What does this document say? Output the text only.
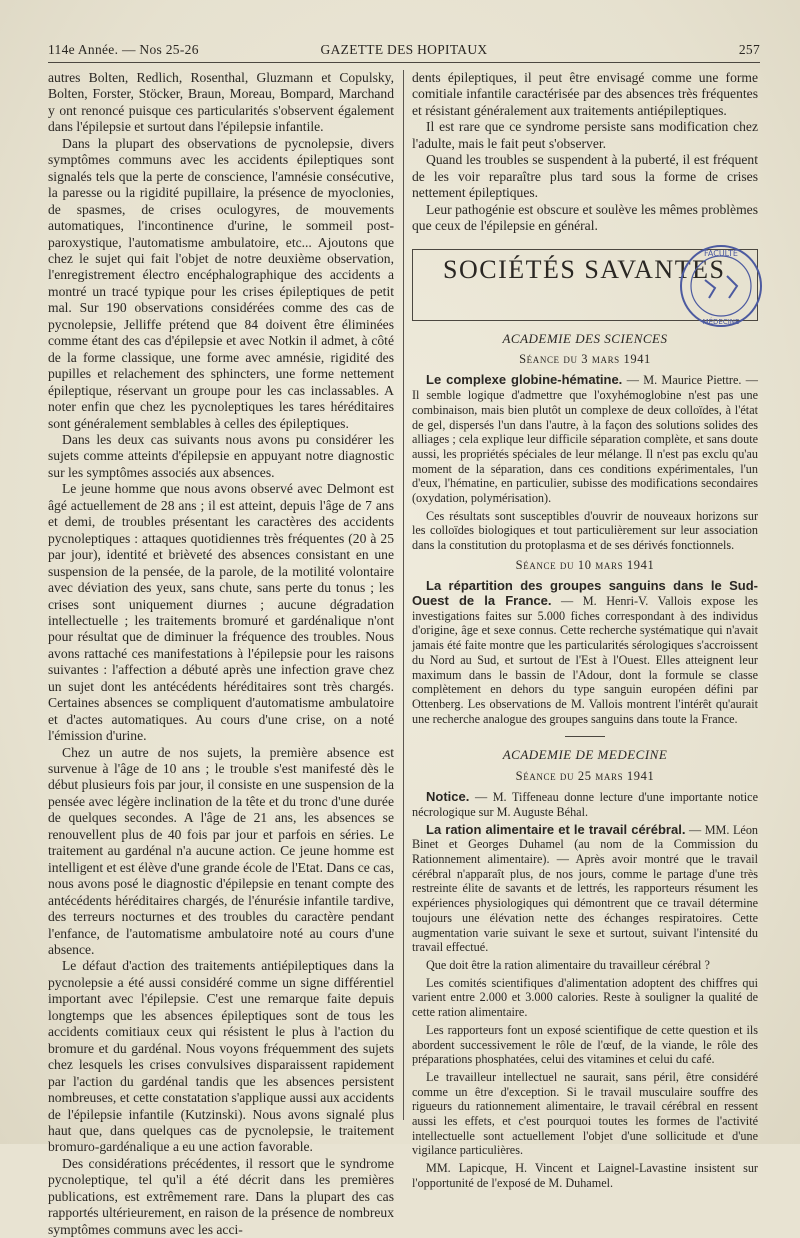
114e Année. — Nos 25-26	GAZETTE DES HOPITAUX	257

autres Bolten, Redlich, Rosenthal, Gluzmann et Copulsky, Bolten, Forster, Stöcker, Braun, Moreau, Bompard, Marchand y ont renoncé puisque ces particularités s'observent également dans l'épilepsie et surtout dans l'épilepsie infantile.

Dans la plupart des observations de pycnolepsie, divers symptômes communs avec les accidents épileptiques sont signalés tels que la perte de conscience, l'amnésie consécutive, la paresse ou la rigidité pupillaire, la présence de myoclonies, de spasmes, de crises oculogyres, de mouvements automatiques, l'incontinence d'urine, le sommeil post-paroxystique, l'automatisme ambulatoire, etc... Ajoutons que chez le sujet qui fait l'objet de notre deuxième observation, l'enregistrement électro encéphalographique des accidents a montré un tracé typique pour les crises épileptiques de petit mal. Sur 190 observations considérées comme des cas de pycnolepsie, Jelliffe prétend que 84 doivent être éliminées comme étant des cas d'épilepsie et avec Notkin il admet, à côté de la forme classique, une forme avec amnésie, rigidité des pupilles et relachement des sphincters, une forme nettement épileptique, réservant un groupe pour les cas inclassables. A noter enfin que chez les pycnoleptiques les tares héréditaires sont généralement semblables à celles des épileptiques.

Dans les deux cas suivants nous avons pu considérer les sujets comme atteints d'épilepsie en appuyant notre diagnostic sur les symptômes associés aux absences.

Le jeune homme que nous avons observé avec Delmont est âgé actuellement de 28 ans ; il est atteint, depuis l'âge de 7 ans et demi, de troubles présentant les caractères des accidents pycnoleptiques : attaques quotidiennes très fréquentes (20 à 25 par jour), identité et brièveté des absences consistant en une suspension de la pensée, de la parole, de la motilité volontaire avec déviation des yeux, sans chute, sans perte du tonus ; les crises sont uniquement diurnes ; aucune dégradation intellectuelle ; les traitements bromuré et gardénalique n'ont pour résultat que de diminuer la fréquence des troubles. Nous avons rattaché ces manifestations à l'épilepsie pour les raisons suivantes : l'affection a débuté après une infection grave chez un sujet dont les antécédents héréditaires sont très chargés. Certaines absences se compliquent d'automatisme ambulatoire et d'actes automatiques. Au cours d'une crise, on a noté l'émission d'urine.

Chez un autre de nos sujets, la première absence est survenue à l'âge de 10 ans ; le trouble s'est manifesté dès le début plusieurs fois par jour, il consiste en une suspension de la pensée avec légère inclination de la tête et du tronc d'une durée de quelques secondes. A l'âge de 21 ans, les absences se renouvellent plus de 40 fois par jour et parfois en séries. Le traitement au gardénal n'a aucune action. Ce jeune homme est intelligent et est élève d'une grande école de l'Etat. Dans ce cas, nous avons posé le diagnostic d'épilepsie en tenant compte des antécédents héréditaires chargés, de l'énurésie infantile tardive, des terreurs nocturnes et des troubles du caractère pendant l'enfance, de l'automatisme ambulatoire noté au cours d'une absence.

Le défaut d'action des traitements antiépileptiques dans la pycnolepsie a été aussi considéré comme un signe différentiel important avec l'épilepsie. C'est une remarque faite depuis longtemps que les absences épileptiques sont de tous les accidents comitiaux ceux qui résistent le plus à l'action du bromure et du gardénal. Nous voyons fréquemment des sujets chez lesquels les crises convulsives disparaissent rapidement par l'action du gardénal tandis que les absences persistent nombreuses, et cette constatation s'applique aussi aux accidents de l'épilepsie infantile (Kutzinski). Nous avons signalé plus haut que, dans quelques cas de pycnolepsie, le traitement bromuro-gardénalique a eu une action favorable.

Des considérations précédentes, il ressort que le syndrome pycnoleptique, tel qu'il a été décrit dans les premières publications, est extrêmement rare. Dans la plupart des cas rapportés ultérieurement, en raison de la présence de nombreux symptômes communs avec les acci-

dents épileptiques, il peut être envisagé comme une forme comitiale infantile caractérisée par des absences très fréquentes et résistant généralement aux traitements antiépileptiques.

Il est rare que ce syndrome persiste sans modification chez l'adulte, mais le fait peut s'observer.

Quand les troubles se suspendent à la puberté, il est fréquent de les voir reparaître plus tard sous la forme de crises nettement épileptiques.

Leur pathogénie est obscure et soulève les mêmes problèmes que ceux de l'épilepsie en général.

SOCIÉTÉS SAVANTES
FACULTÉ
MÉDECINE
ACADEMIE DES SCIENCES
Séance du 3 mars 1941

Le complexe globine-hématine. — M. Maurice Piettre. — Il semble logique d'admettre que l'oxyhémoglobine n'est pas une combinaison, mais bien plutôt un complexe de deux colloïdes, à l'état de gel, dispersés l'un dans l'autre, à la façon des solutions solides des alliages ; cela explique leur difficile séparation complète, et sans doute aussi, les propriétés spéciales de leur mélange. Il n'est pas exclu qu'au moment de la séparation, dans ces conditions expérimentales, l'un d'eux, l'hématine, en particulier, subisse des modifications secondaires (oxydation, polymérisation).

Ces résultats sont susceptibles d'ouvrir de nouveaux horizons sur les colloïdes biologiques et tout particulièrement sur leur association dans la constitution du protoplasma et de ses dérivés fonctionnels.

Séance du 10 mars 1941

La répartition des groupes sanguins dans le Sud-Ouest de la France. — M. Henri-V. Vallois expose les investigations faites sur 5.000 fiches correspondant à des individus d'origine, âge et sexe connus. Cette recherche systématique qui n'avait jamais été faite montre que les particularités sérologiques s'accroissent du Nord au Sud, et surtout de l'Est à l'Ouest. Elles atteignent leur maximum dans le bassin de l'Adour, dont la formule se classe complètement en dehors du type sanguin européen défini par Ottenberg. Les observations de M. Vallois montrent l'intérêt qu'aurait une recherche analogue des groupes sanguins dans toute la France.

ACADEMIE DE MEDECINE
Séance du 25 mars 1941

Notice. — M. Tiffeneau donne lecture d'une importante notice nécrologique sur M. Auguste Béhal.

La ration alimentaire et le travail cérébral. — MM. Léon Binet et Georges Duhamel (au nom de la Commission du Rationnement alimentaire). — Après avoir montré que le travail cérébral n'apparaît plus, de nos jours, comme le partage d'une très restreinte élite de savants et de lettrés, les rapporteurs résument les expériences physiologiques qui démontrent que ce travail détermine toujours une élévation nette des échanges respiratoires. Cette augmentation varie suivant le sexe et surtout, suivant l'intensité du travail effectué.

Que doit être la ration alimentaire du travailleur cérébral ?

Les comités scientifiques d'alimentation adoptent des chiffres qui varient entre 2.000 et 3.000 calories. Reste à souligner la qualité de cette ration alimentaire.

Les rapporteurs font un exposé scientifique de cette question et ils abordent successivement le rôle de l'œuf, de la viande, le rôle des préparations phosphatées, celui des vitamines et celui du café.

Le travailleur intellectuel ne saurait, sans péril, être considéré comme un être d'exception. Si le travail musculaire souffre des rigueurs du rationnement alimentaire, le travail cérébral en ressent aussi les effets, et c'est pourquoi toutes les formes de l'activité intellectuelle sont actuellement l'objet d'une sollicitude et d'une vigilance particulières.

MM. Lapicque, H. Vincent et Laignel-Lavastine insistent sur l'opportunité de l'exposé de M. Duhamel.
